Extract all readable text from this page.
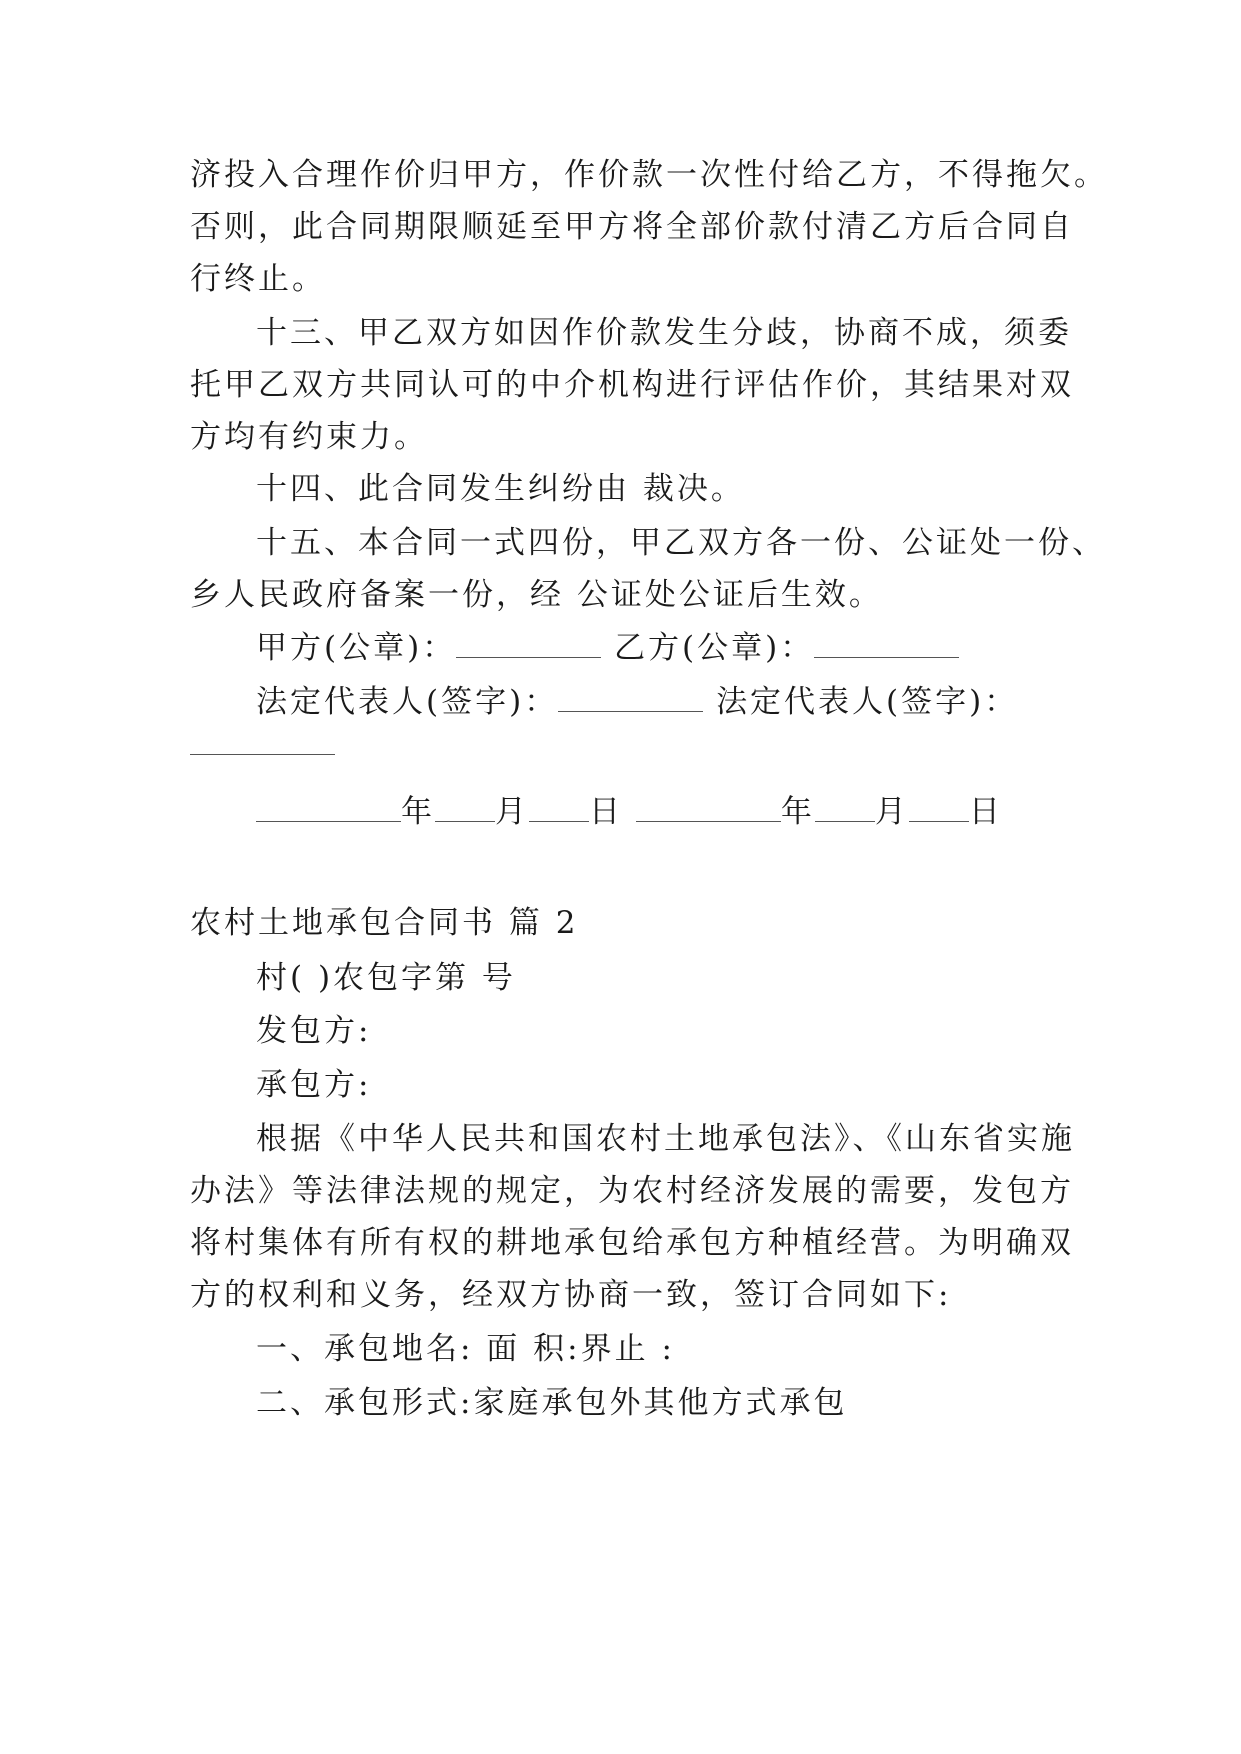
济投入合理作价归甲方，作价款一次性付给乙方，不得拖欠。
否则，此合同期限顺延至甲方将全部价款付清乙方后合同自
行终止。
十三、甲乙双方如因作价款发生分歧，协商不成，须委
托甲乙双方共同认可的中介机构进行评估作价，其结果对双
方均有约束力。
十四、此合同发生纠纷由 裁决。
十五、本合同一式四份，甲乙双方各一份、公证处一份、
乡人民政府备案一份，经 公证处公证后生效。
甲方(公章)：	乙方(公章)：
法定代表人(签字)：	法定代表人(签字)：
年 月 日	年 月 日
农村土地承包合同书 篇 2
村( )农包字第 号
发包方:
承包方:
根据《中华人民共和国农村土地承包法》、《山东省实施
办法》等法律法规的规定，为农村经济发展的需要，发包方
将村集体有所有权的耕地承包给承包方种植经营。为明确双
方的权利和义务，经双方协商一致，签订合同如下:
一、承包地名: 面 积:界止 :
二、承包形式:家庭承包外其他方式承包
